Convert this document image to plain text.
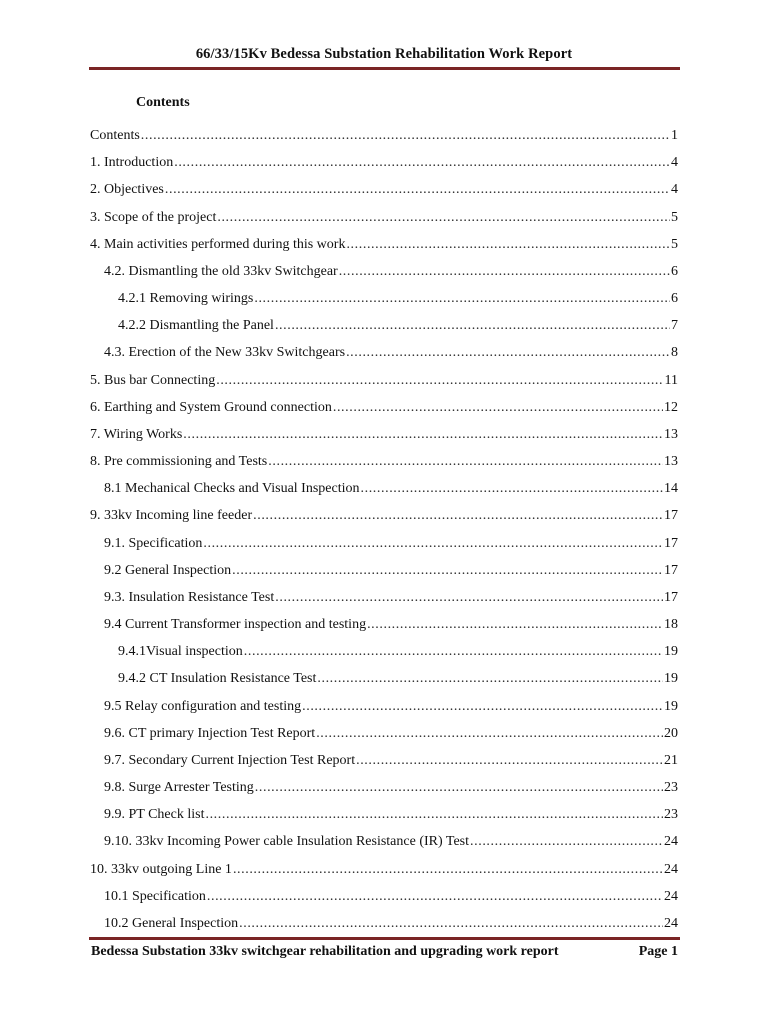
66/33/15Kv Bedessa Substation Rehabilitation Work Report
Contents
Contents .....	1
1. Introduction .....	4
2. Objectives .....	4
3. Scope of the project .....	5
4. Main activities performed during this work .....	5
4.2. Dismantling the old 33kv Switchgear .....	6
4.2.1 Removing wirings .....	6
4.2.2 Dismantling the Panel .....	7
4.3. Erection of the New 33kv Switchgears .....	8
5. Bus bar Connecting .....	11
6. Earthing and System Ground connection .....	12
7. Wiring Works .....	13
8. Pre commissioning and Tests .....	13
8.1 Mechanical Checks and Visual Inspection .....	14
9. 33kv Incoming line feeder .....	17
9.1. Specification .....	17
9.2 General Inspection .....	17
9.3. Insulation Resistance Test .....	17
9.4 Current Transformer inspection and testing .....	18
9.4.1Visual inspection .....	19
9.4.2 CT Insulation Resistance Test .....	19
9.5 Relay configuration and testing .....	19
9.6. CT primary Injection Test Report .....	20
9.7. Secondary Current Injection Test Report .....	21
9.8. Surge Arrester Testing .....	23
9.9. PT Check list .....	23
9.10. 33kv Incoming Power cable Insulation Resistance (IR) Test .....	24
10. 33kv outgoing Line 1 .....	24
10.1 Specification .....	24
10.2 General Inspection .....	24
Bedessa Substation 33kv switchgear rehabilitation and upgrading work report	Page 1
